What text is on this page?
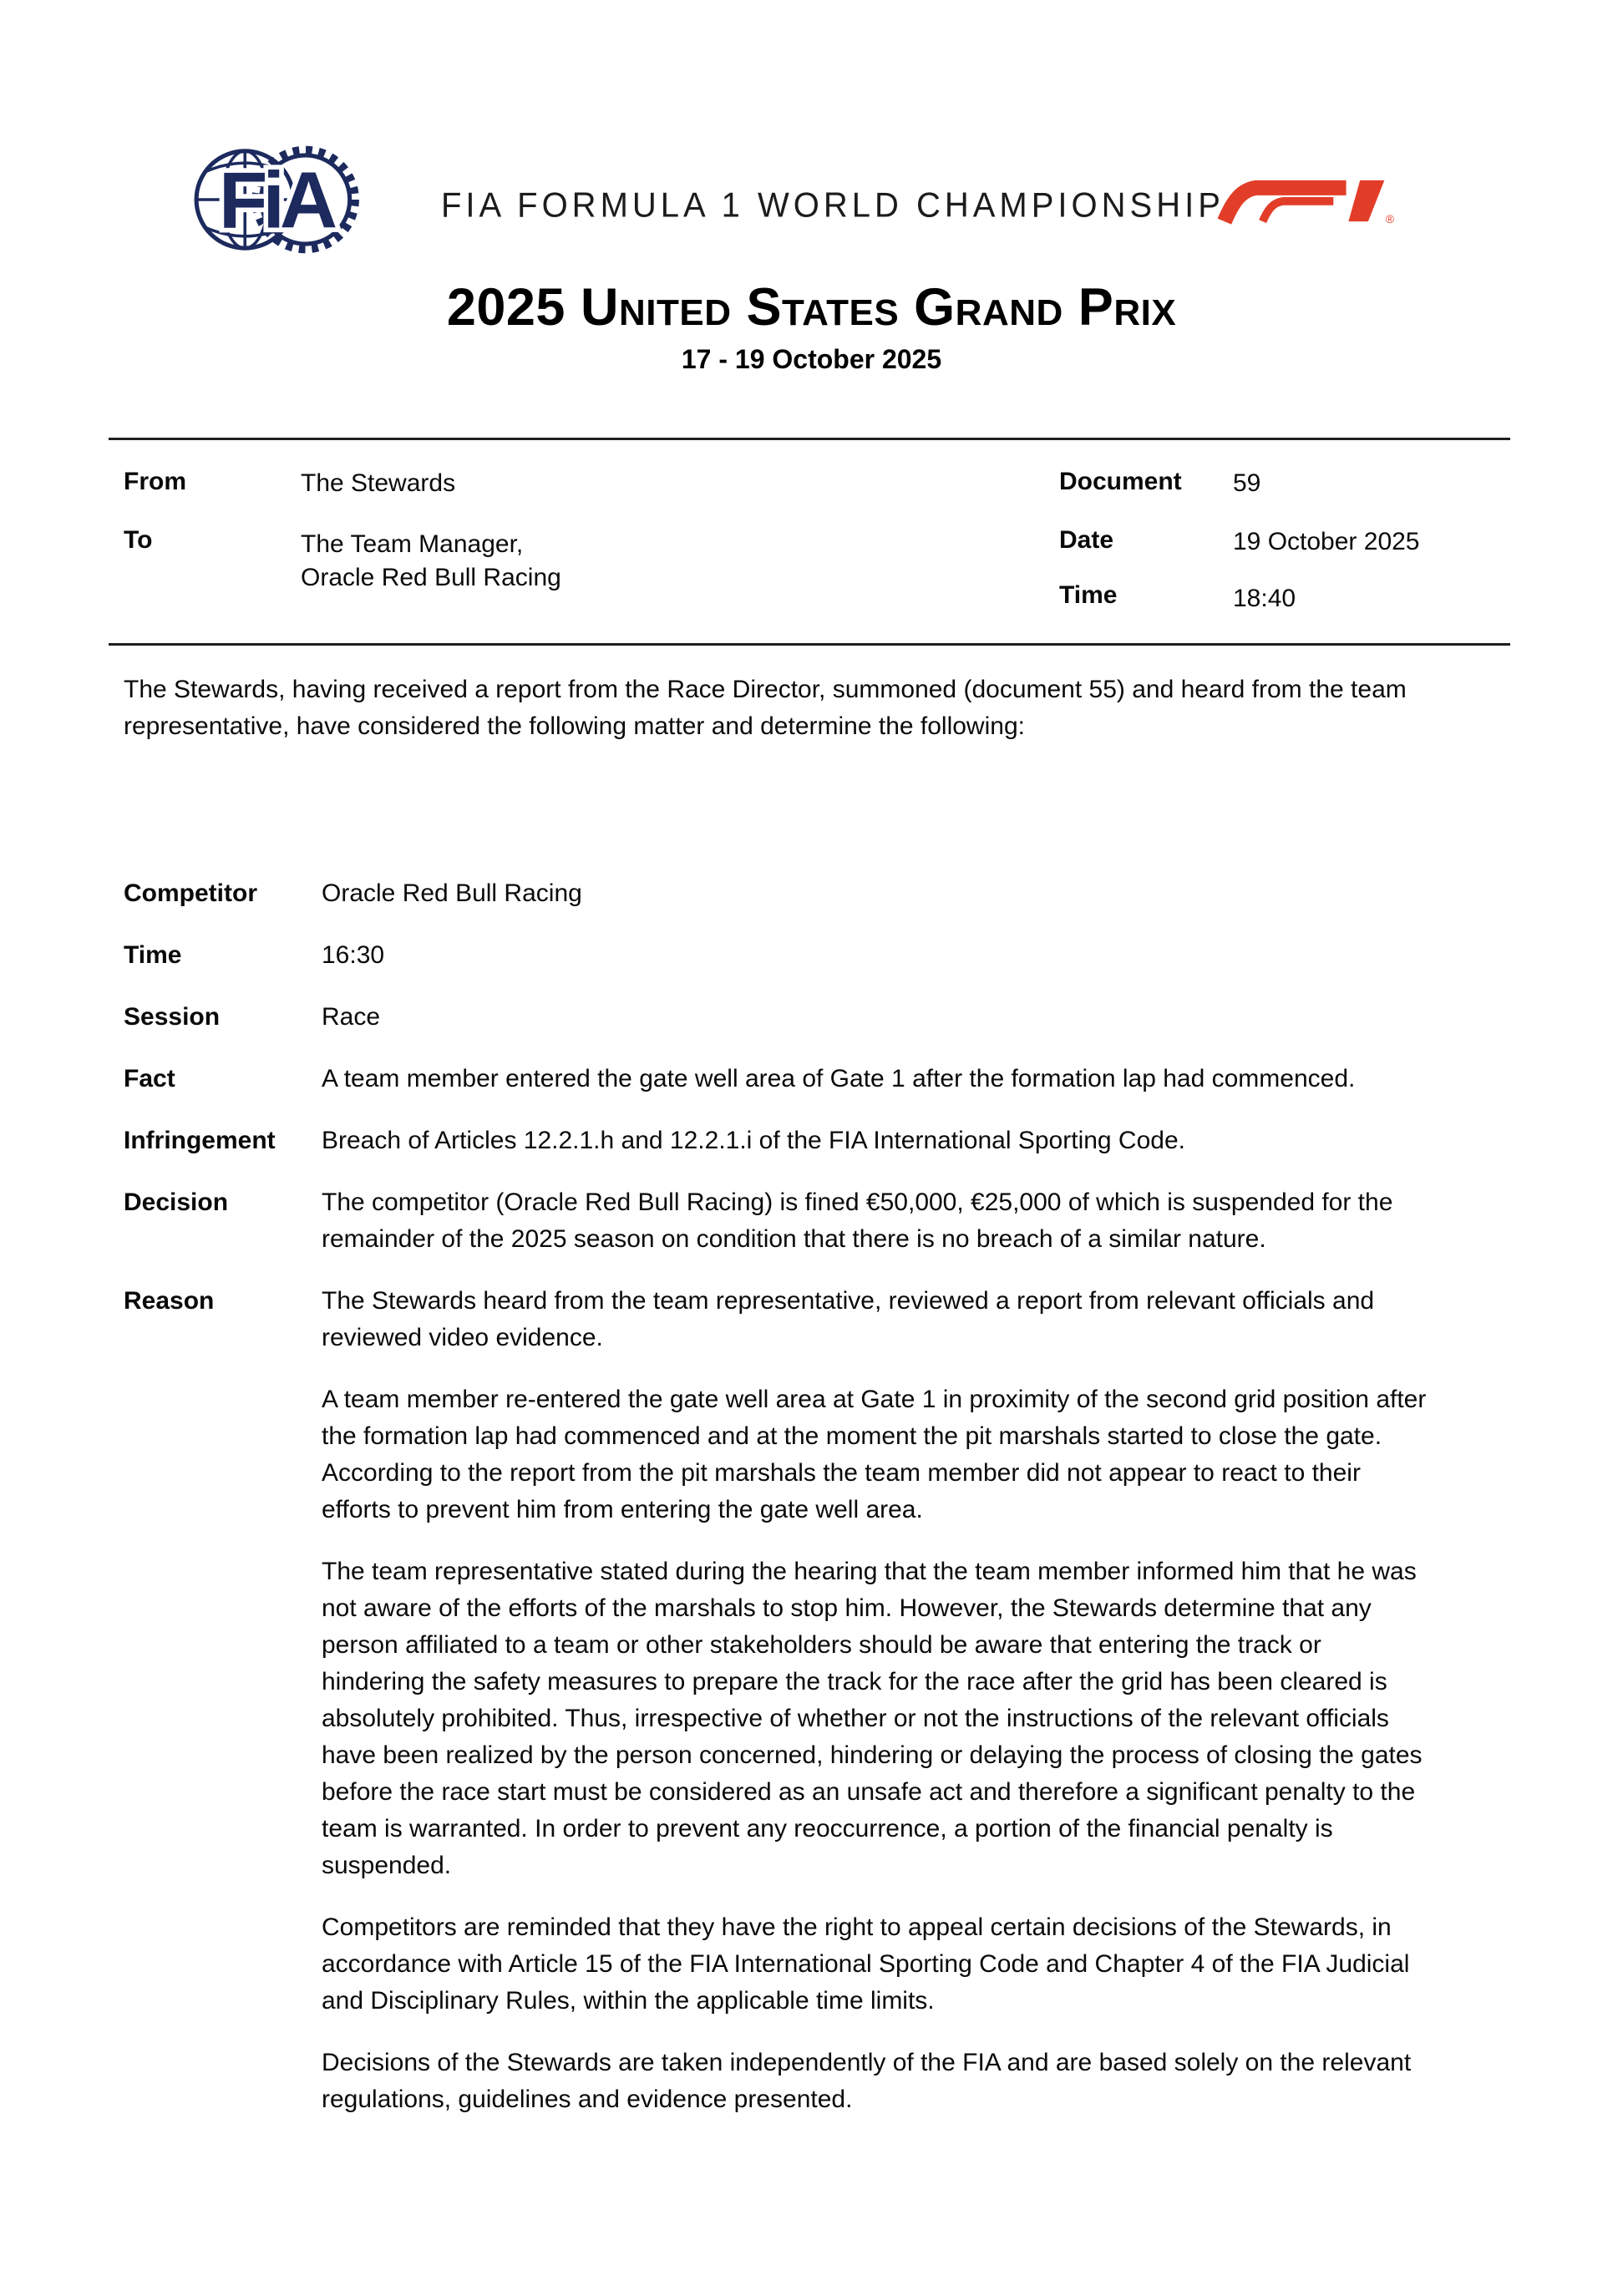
FiA	FIA FORMULA 1 WORLD CHAMPIONSHIP	®
2025 United States Grand Prix
17 - 19 October 2025
From	The Stewards
To	The Team Manager,
Oracle Red Bull Racing
Document 59
Date	19 October 2025
Time	18:40
The Stewards, having received a report from the Race Director, summoned (document 55) and heard from the team representative, have considered the following matter and determine the following:
Competitor	Oracle Red Bull Racing

Time	16:30

Session	Race

Fact	A team member entered the gate well area of Gate 1 after the formation lap had commenced.

Infringement	Breach of Articles 12.2.1.h and 12.2.1.i of the FIA International Sporting Code.

Decision	The competitor (Oracle Red Bull Racing) is fined €50,000, €25,000 of which is suspended for the remainder of the 2025 season on condition that there is no breach of a similar nature.

Reason	The Stewards heard from the team representative, reviewed a report from relevant officials and reviewed video evidence.

A team member re-entered the gate well area at Gate 1 in proximity of the second grid position after the formation lap had commenced and at the moment the pit marshals started to close the gate. According to the report from the pit marshals the team member did not appear to react to their efforts to prevent him from entering the gate well area.

The team representative stated during the hearing that the team member informed him that he was not aware of the efforts of the marshals to stop him. However, the Stewards determine that any person affiliated to a team or other stakeholders should be aware that entering the track or hindering the safety measures to prepare the track for the race after the grid has been cleared is absolutely prohibited. Thus, irrespective of whether or not the instructions of the relevant officials have been realized by the person concerned, hindering or delaying the process of closing the gates before the race start must be considered as an unsafe act and therefore a significant penalty to the team is warranted. In order to prevent any reoccurrence, a portion of the financial penalty is suspended.

Competitors are reminded that they have the right to appeal certain decisions of the Stewards, in accordance with Article 15 of the FIA International Sporting Code and Chapter 4 of the FIA Judicial and Disciplinary Rules, within the applicable time limits.

Decisions of the Stewards are taken independently of the FIA and are based solely on the relevant regulations, guidelines and evidence presented.
